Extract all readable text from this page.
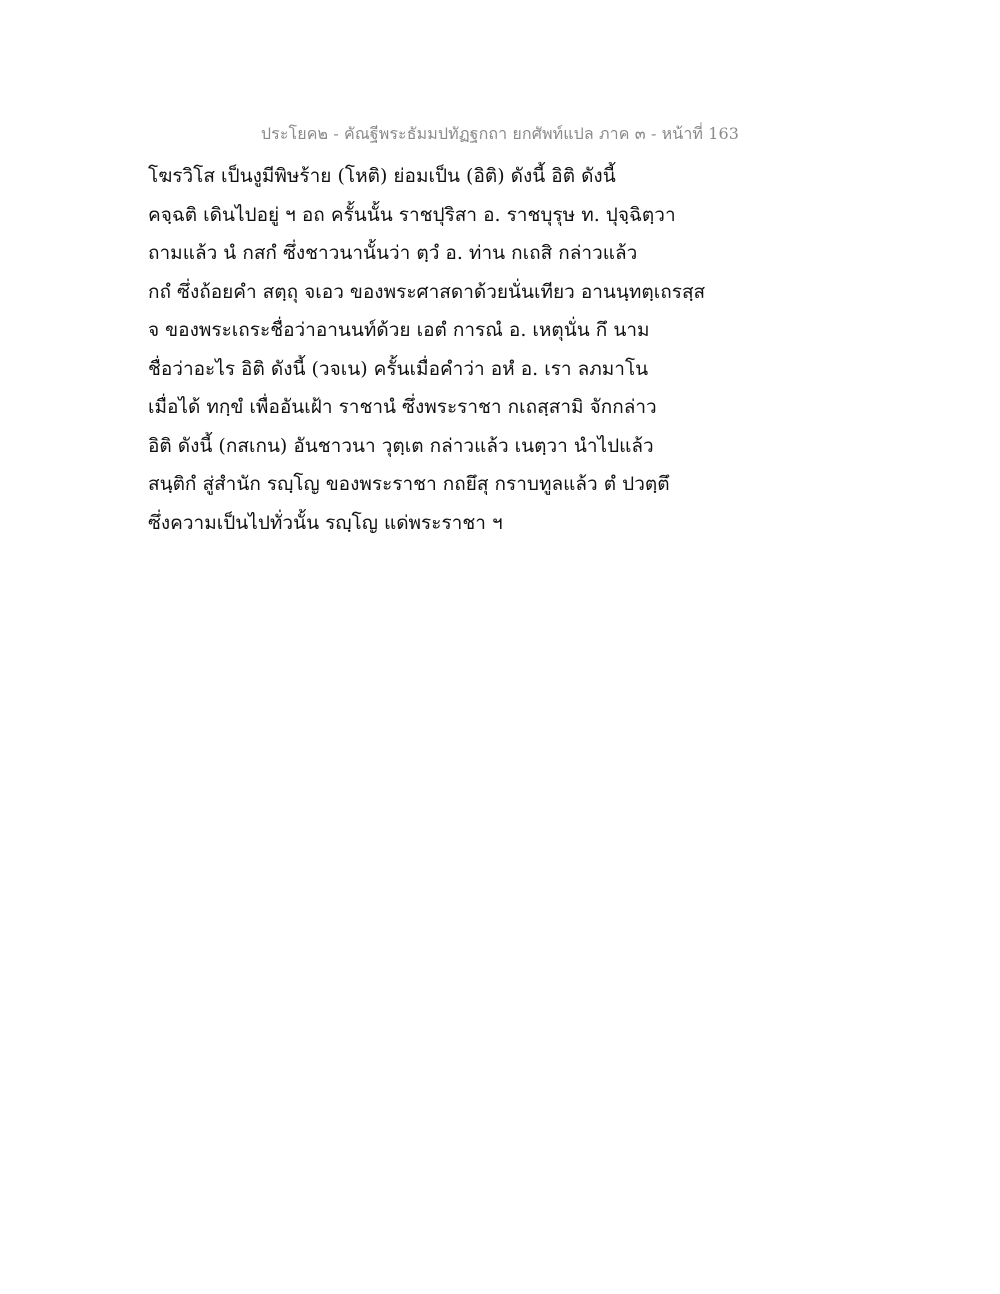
ประโยค๒ - คัณฐีพระธัมมปทัฏฐกถา ยกศัพท์แปล ภาค ๓ - หน้าที่ 163
โฆรวิโส เป็นงูมีพิษร้าย (โหติ) ย่อมเป็น (อิติ) ดังนี้ อิติ ดังนี้
คจฺฉติ เดินไปอยู่ ฯ อถ ครั้นนั้น ราชปุริสา อ. ราชบุรุษ ท. ปุจฺฉิตฺวา
ถามแล้ว นํ กสกํ ซึ่งชาวนานั้นว่า ตฺวํ อ. ท่าน กเถสิ กล่าวแล้ว
กถํ ซึ่งถ้อยคำ สตฺถุ จเอว ของพระศาสดาด้วยนั่นเทียว อานนฺทตฺเถรสฺส
จ ของพระเถระชื่อว่าอานนท์ด้วย เอตํ การณํ อ. เหตุนั่น กึ นาม
ชื่อว่าอะไร อิติ ดังนี้ (วจเน) ครั้นเมื่อคำว่า อหํ อ. เรา ลภมาโน
เมื่อได้ ทกฺขํ เพื่ออันเฝ้า ราชานํ ซึ่งพระราชา กเถสฺสามิ จักกล่าว
อิติ ดังนี้ (กสเกน) อันชาวนา วุตฺเต กล่าวแล้ว เนตฺวา นำไปแล้ว
สนฺติกํ สู่สำนัก รญฺโญ ของพระราชา กถยึสุ กราบทูลแล้ว ตํ ปวตฺตึ
ซึ่งความเป็นไปทั่วนั้น รญฺโญ แด่พระราชา ฯ
